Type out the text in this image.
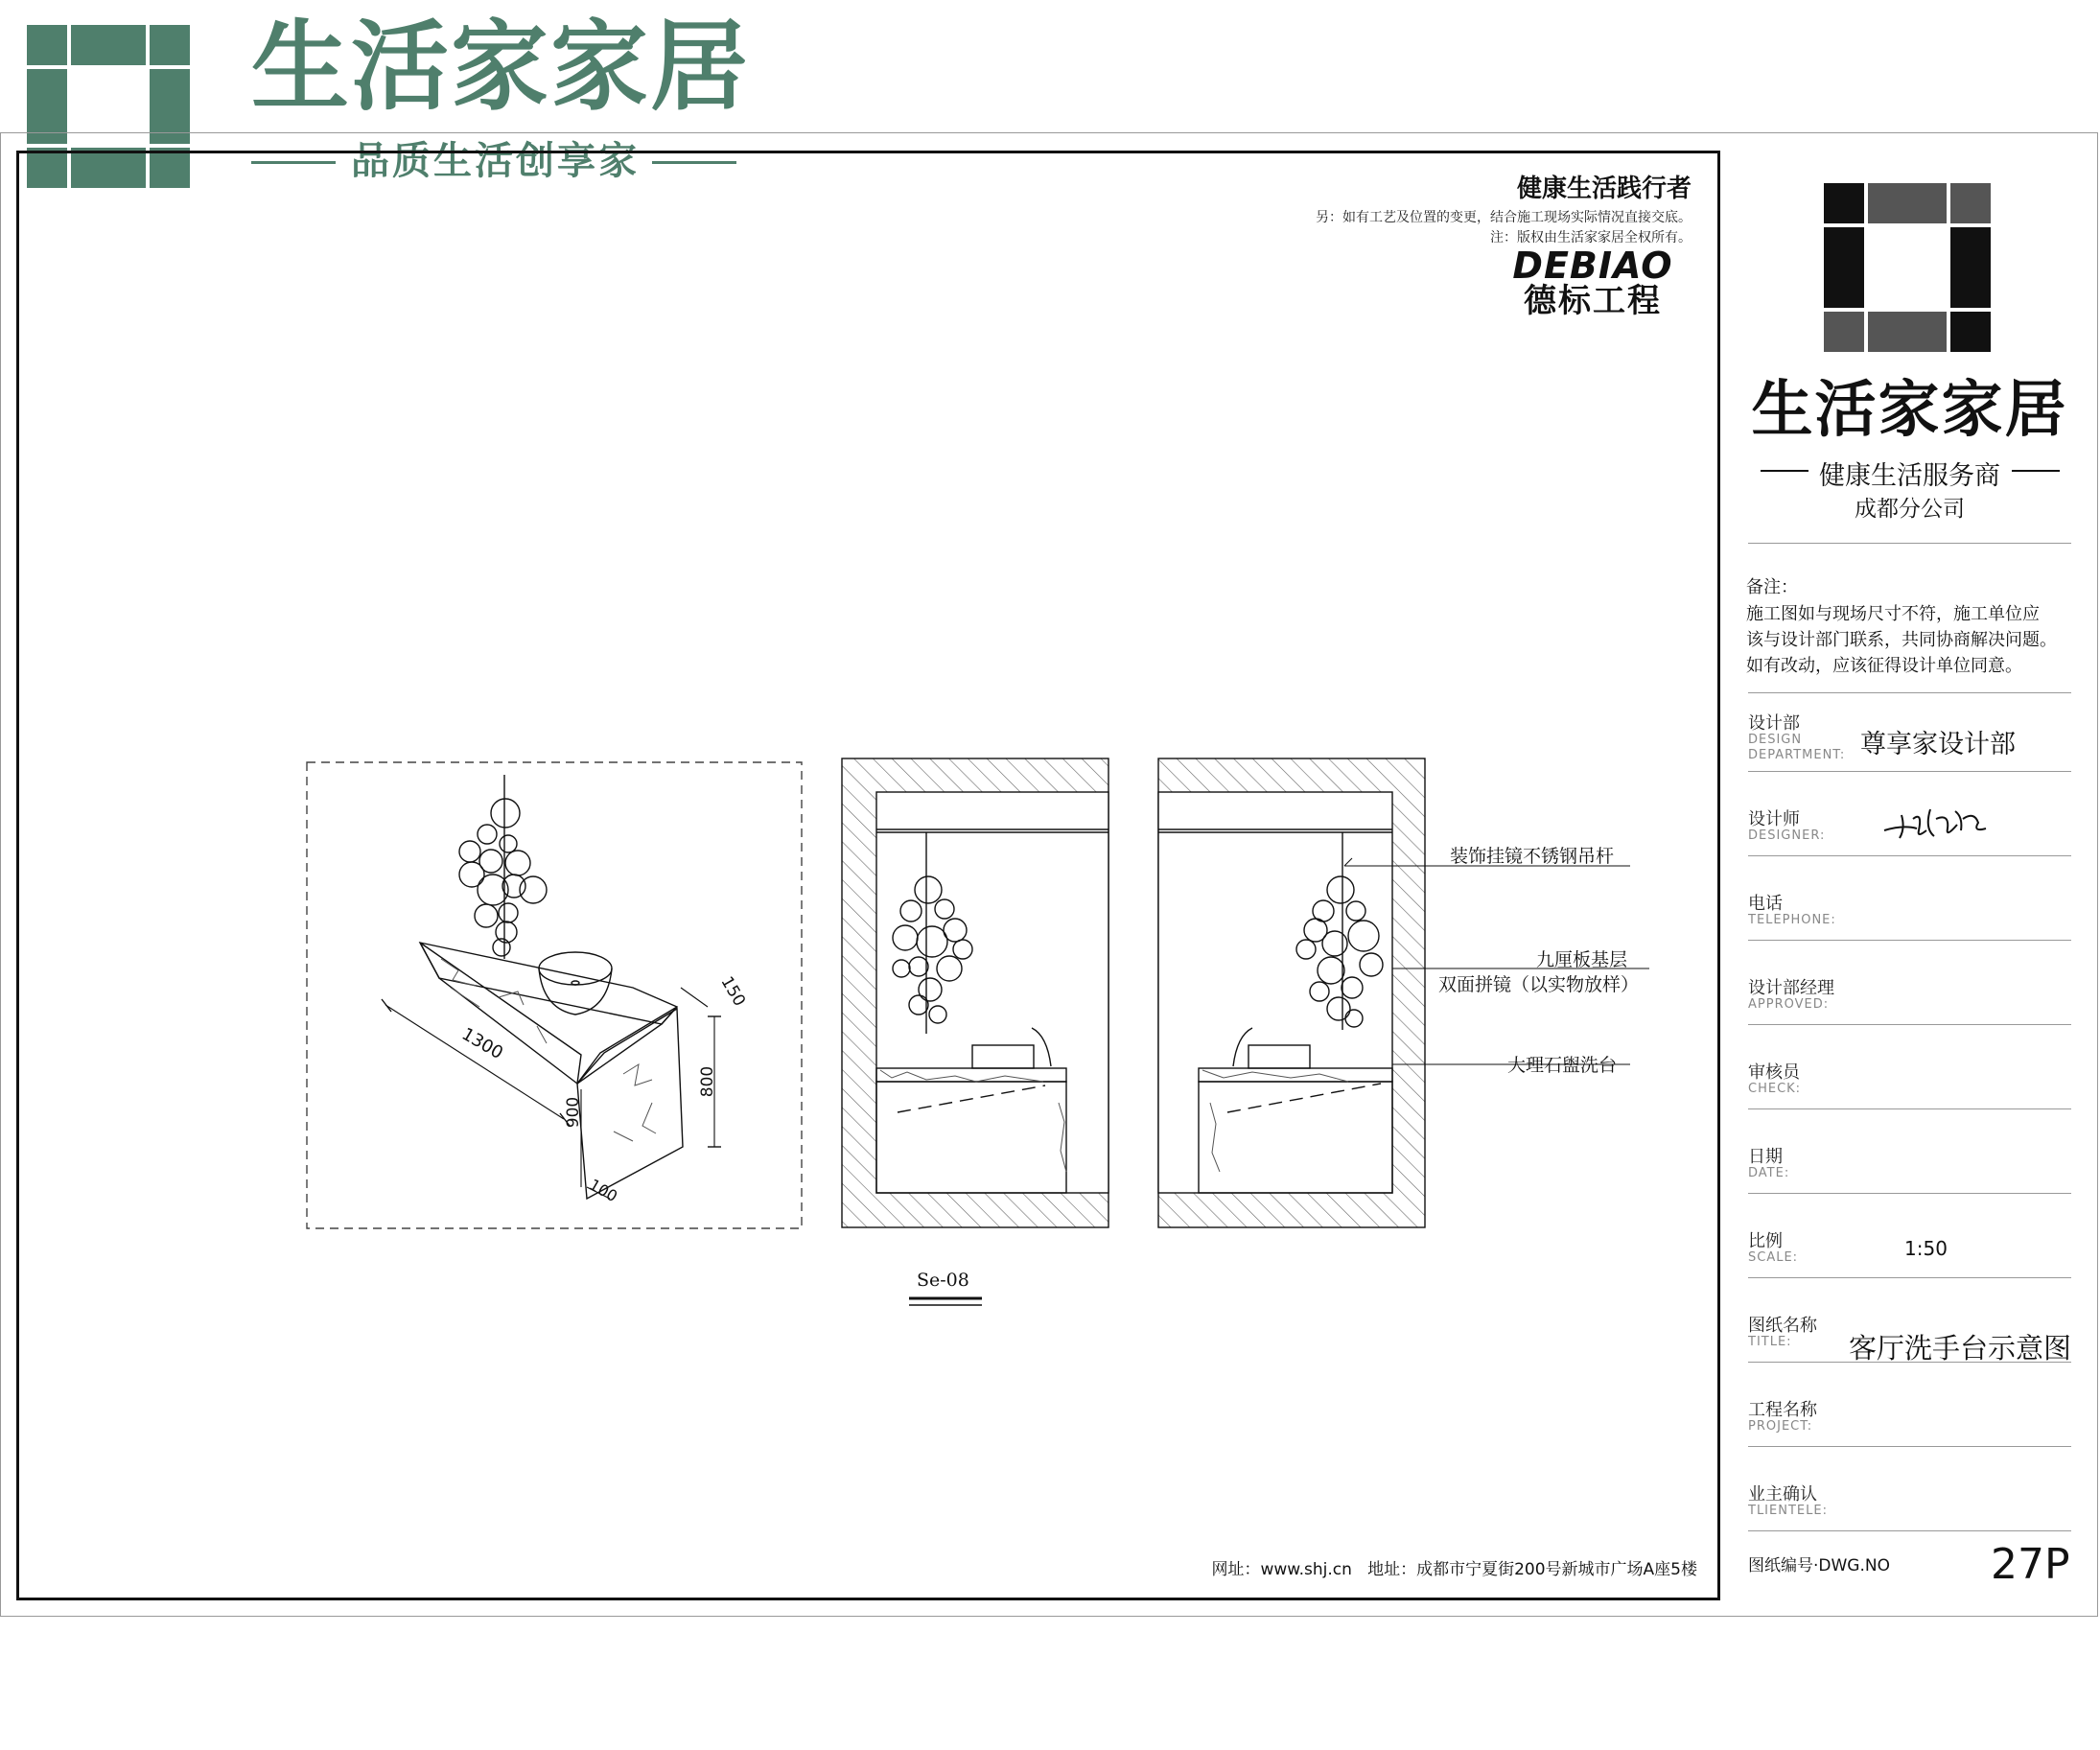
生活家家居
品质生活创享家
健康生活践行者
另：如有工艺及位置的变更，结合施工现场实际情况直接交底。
注：版权由生活家家居全权所有。
DEBIAO
德标工程
1300
150
800
900
100
装饰挂镜不锈钢吊杆
九厘板基层
双面拼镜（以实物放样）
大理石盥洗台
Se-08
网址：www.shj.cn 地址：成都市宁夏街200号新城市广场A座5楼
生活家家居
健康生活服务商
成都分公司
备注：
施工图如与现场尺寸不符，施工单位应
该与设计部门联系，共同协商解决问题。
如有改动，应该征得设计单位同意。
设计部
DESIGN
DEPARTMENT: 尊享家设计部
设计师
DESIGNER:
电话
TELEPHONE:
设计部经理
APPROVED:
审核员
CHECK:
日期
DATE:
比例
SCALE:	1:50
图纸名称
TITLE: 客厅洗手台示意图
工程名称
PROJECT:
业主确认
TLIENTELE:
图纸编号·DWG.NO 27P
